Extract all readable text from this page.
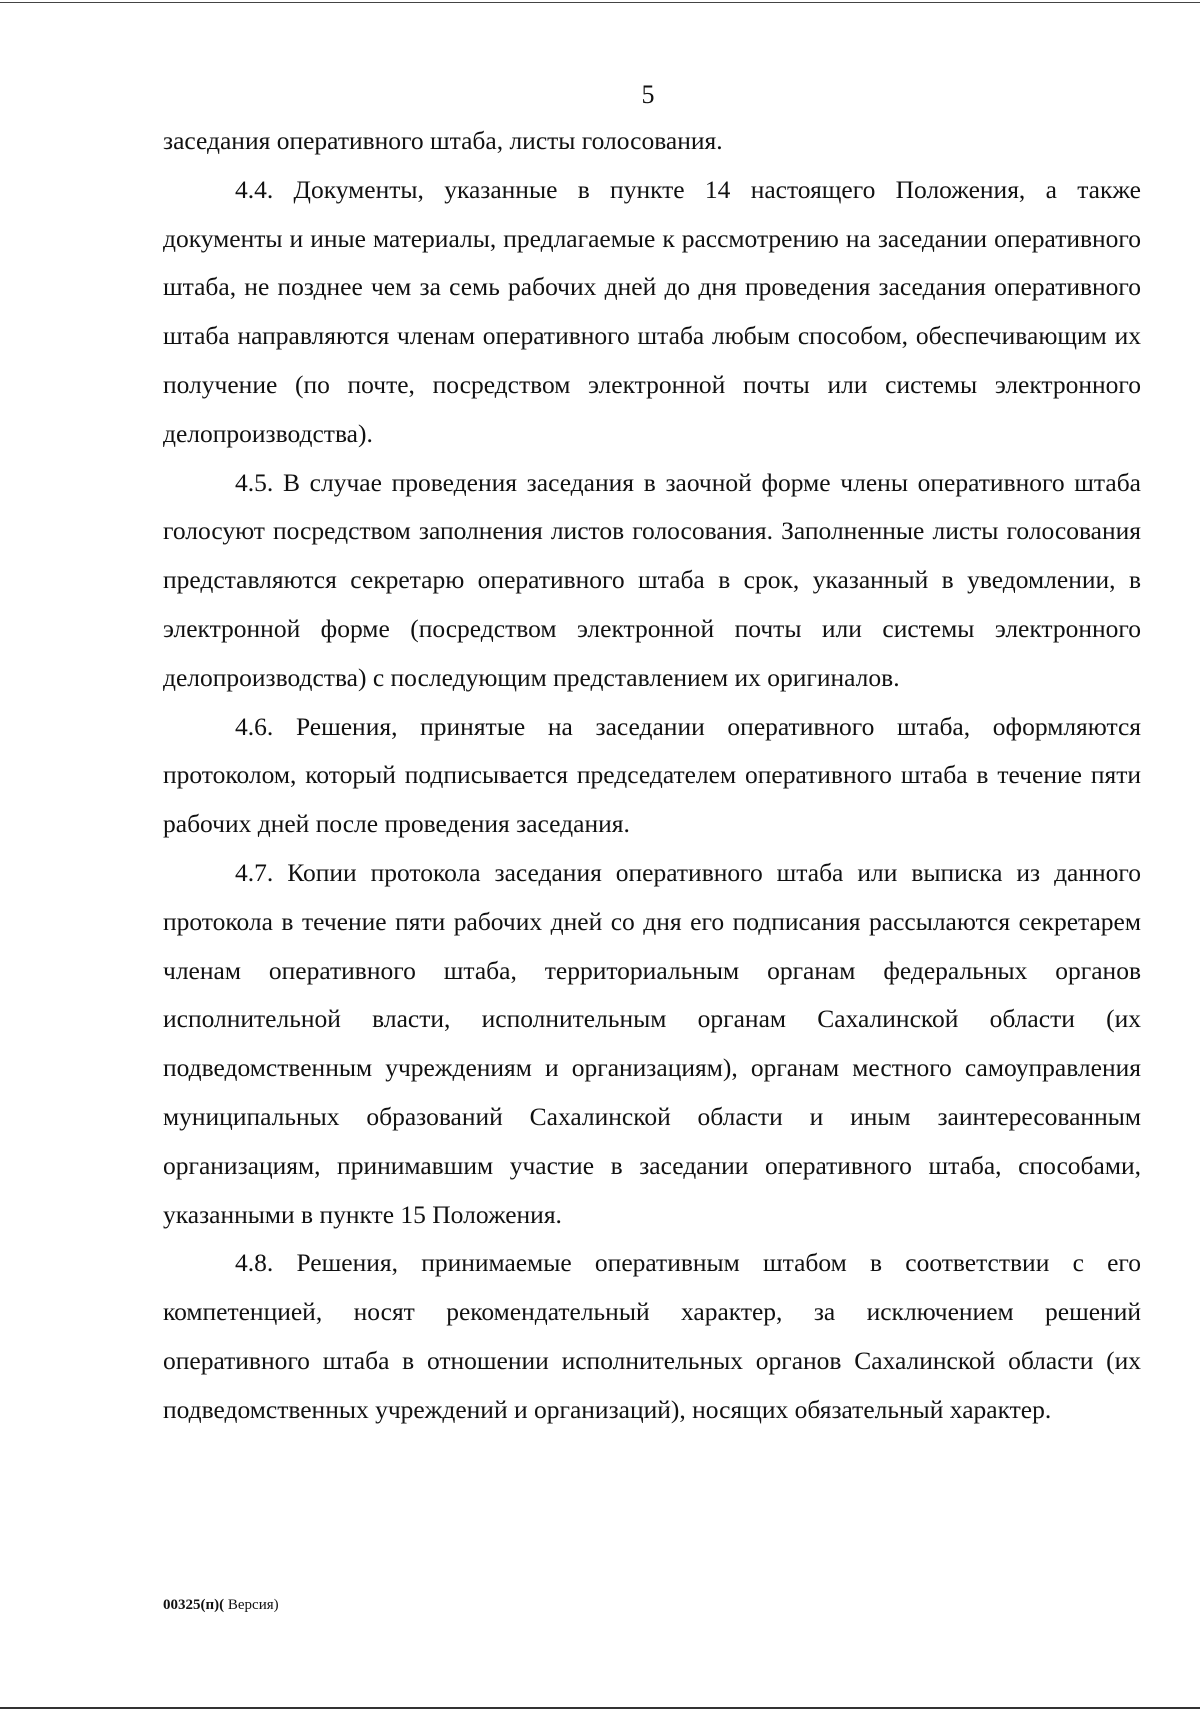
5

заседания оперативного штаба, листы голосования.

4.4. Документы, указанные в пункте 14 настоящего Положения, а также документы и иные материалы, предлагаемые к рассмотрению на заседании оперативного штаба, не позднее чем за семь рабочих дней до дня проведения заседания оперативного штаба направляются членам оперативного штаба любым способом, обеспечивающим их получение (по почте, посредством электронной почты или системы электронного делопроизводства).

4.5. В случае проведения заседания в заочной форме члены оперативного штаба голосуют посредством заполнения листов голосования. Заполненные листы голосования представляются секретарю оперативного штаба в срок, указанный в уведомлении, в электронной форме (посредством электронной почты или системы электронного делопроизводства) с последующим представлением их оригиналов.

4.6. Решения, принятые на заседании оперативного штаба, оформляются протоколом, который подписывается председателем оперативного штаба в течение пяти рабочих дней после проведения заседания.

4.7. Копии протокола заседания оперативного штаба или выписка из данного протокола в течение пяти рабочих дней со дня его подписания рассылаются секретарем членам оперативного штаба, территориальным органам федеральных органов исполнительной власти, исполнительным органам Сахалинской области (их подведомственным учреждениям и организациям), органам местного самоуправления муниципальных образований Сахалинской области и иным заинтересованным организациям, принимавшим участие в заседании оперативного штаба, способами, указанными в пункте 15 Положения.

4.8. Решения, принимаемые оперативным штабом в соответствии с его компетенцией, носят рекомендательный характер, за исключением решений оперативного штаба в отношении исполнительных органов Сахалинской области (их подведомственных учреждений и организаций), носящих обязательный характер.

00325(п)( Версия)
